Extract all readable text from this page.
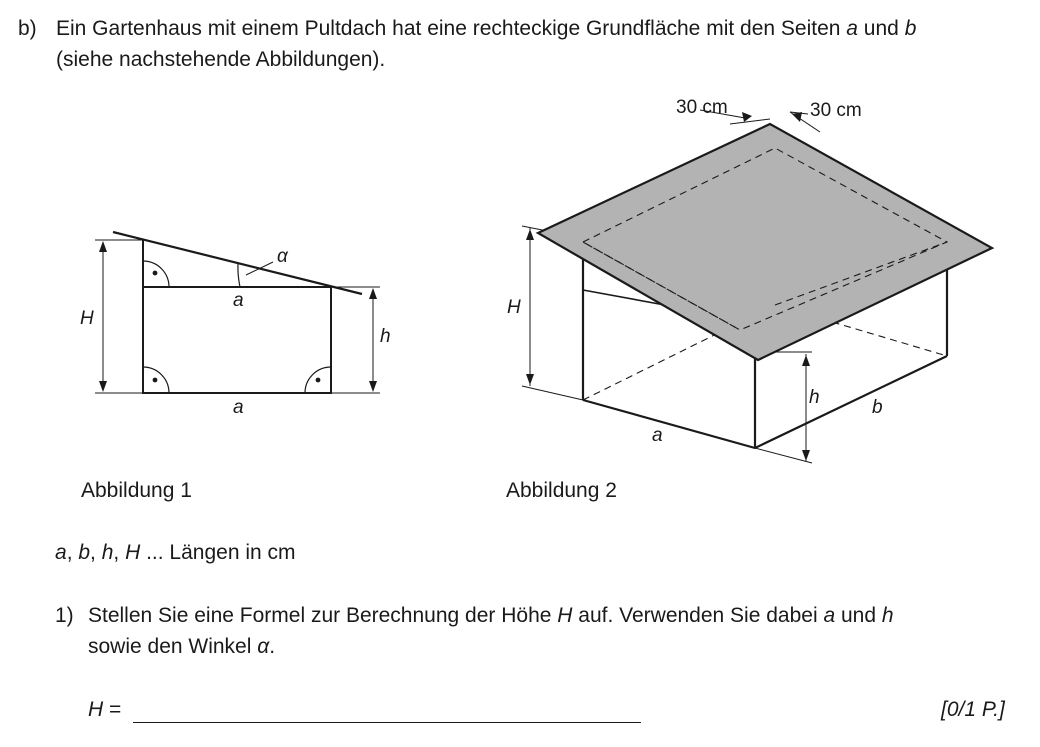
b) Ein Gartenhaus mit einem Pultdach hat eine rechteckige Grundfläche mit den Seiten a und b
(siehe nachstehende Abbildungen).
H
h
a
a
α
Abbildung 1
30 cm	30 cm
H
h
a
b
Abbildung 2
a, b, h, H ... Längen in cm
1) Stellen Sie eine Formel zur Berechnung der Höhe H auf. Verwenden Sie dabei a und h
sowie den Winkel α.
H =	[0/1 P.]
